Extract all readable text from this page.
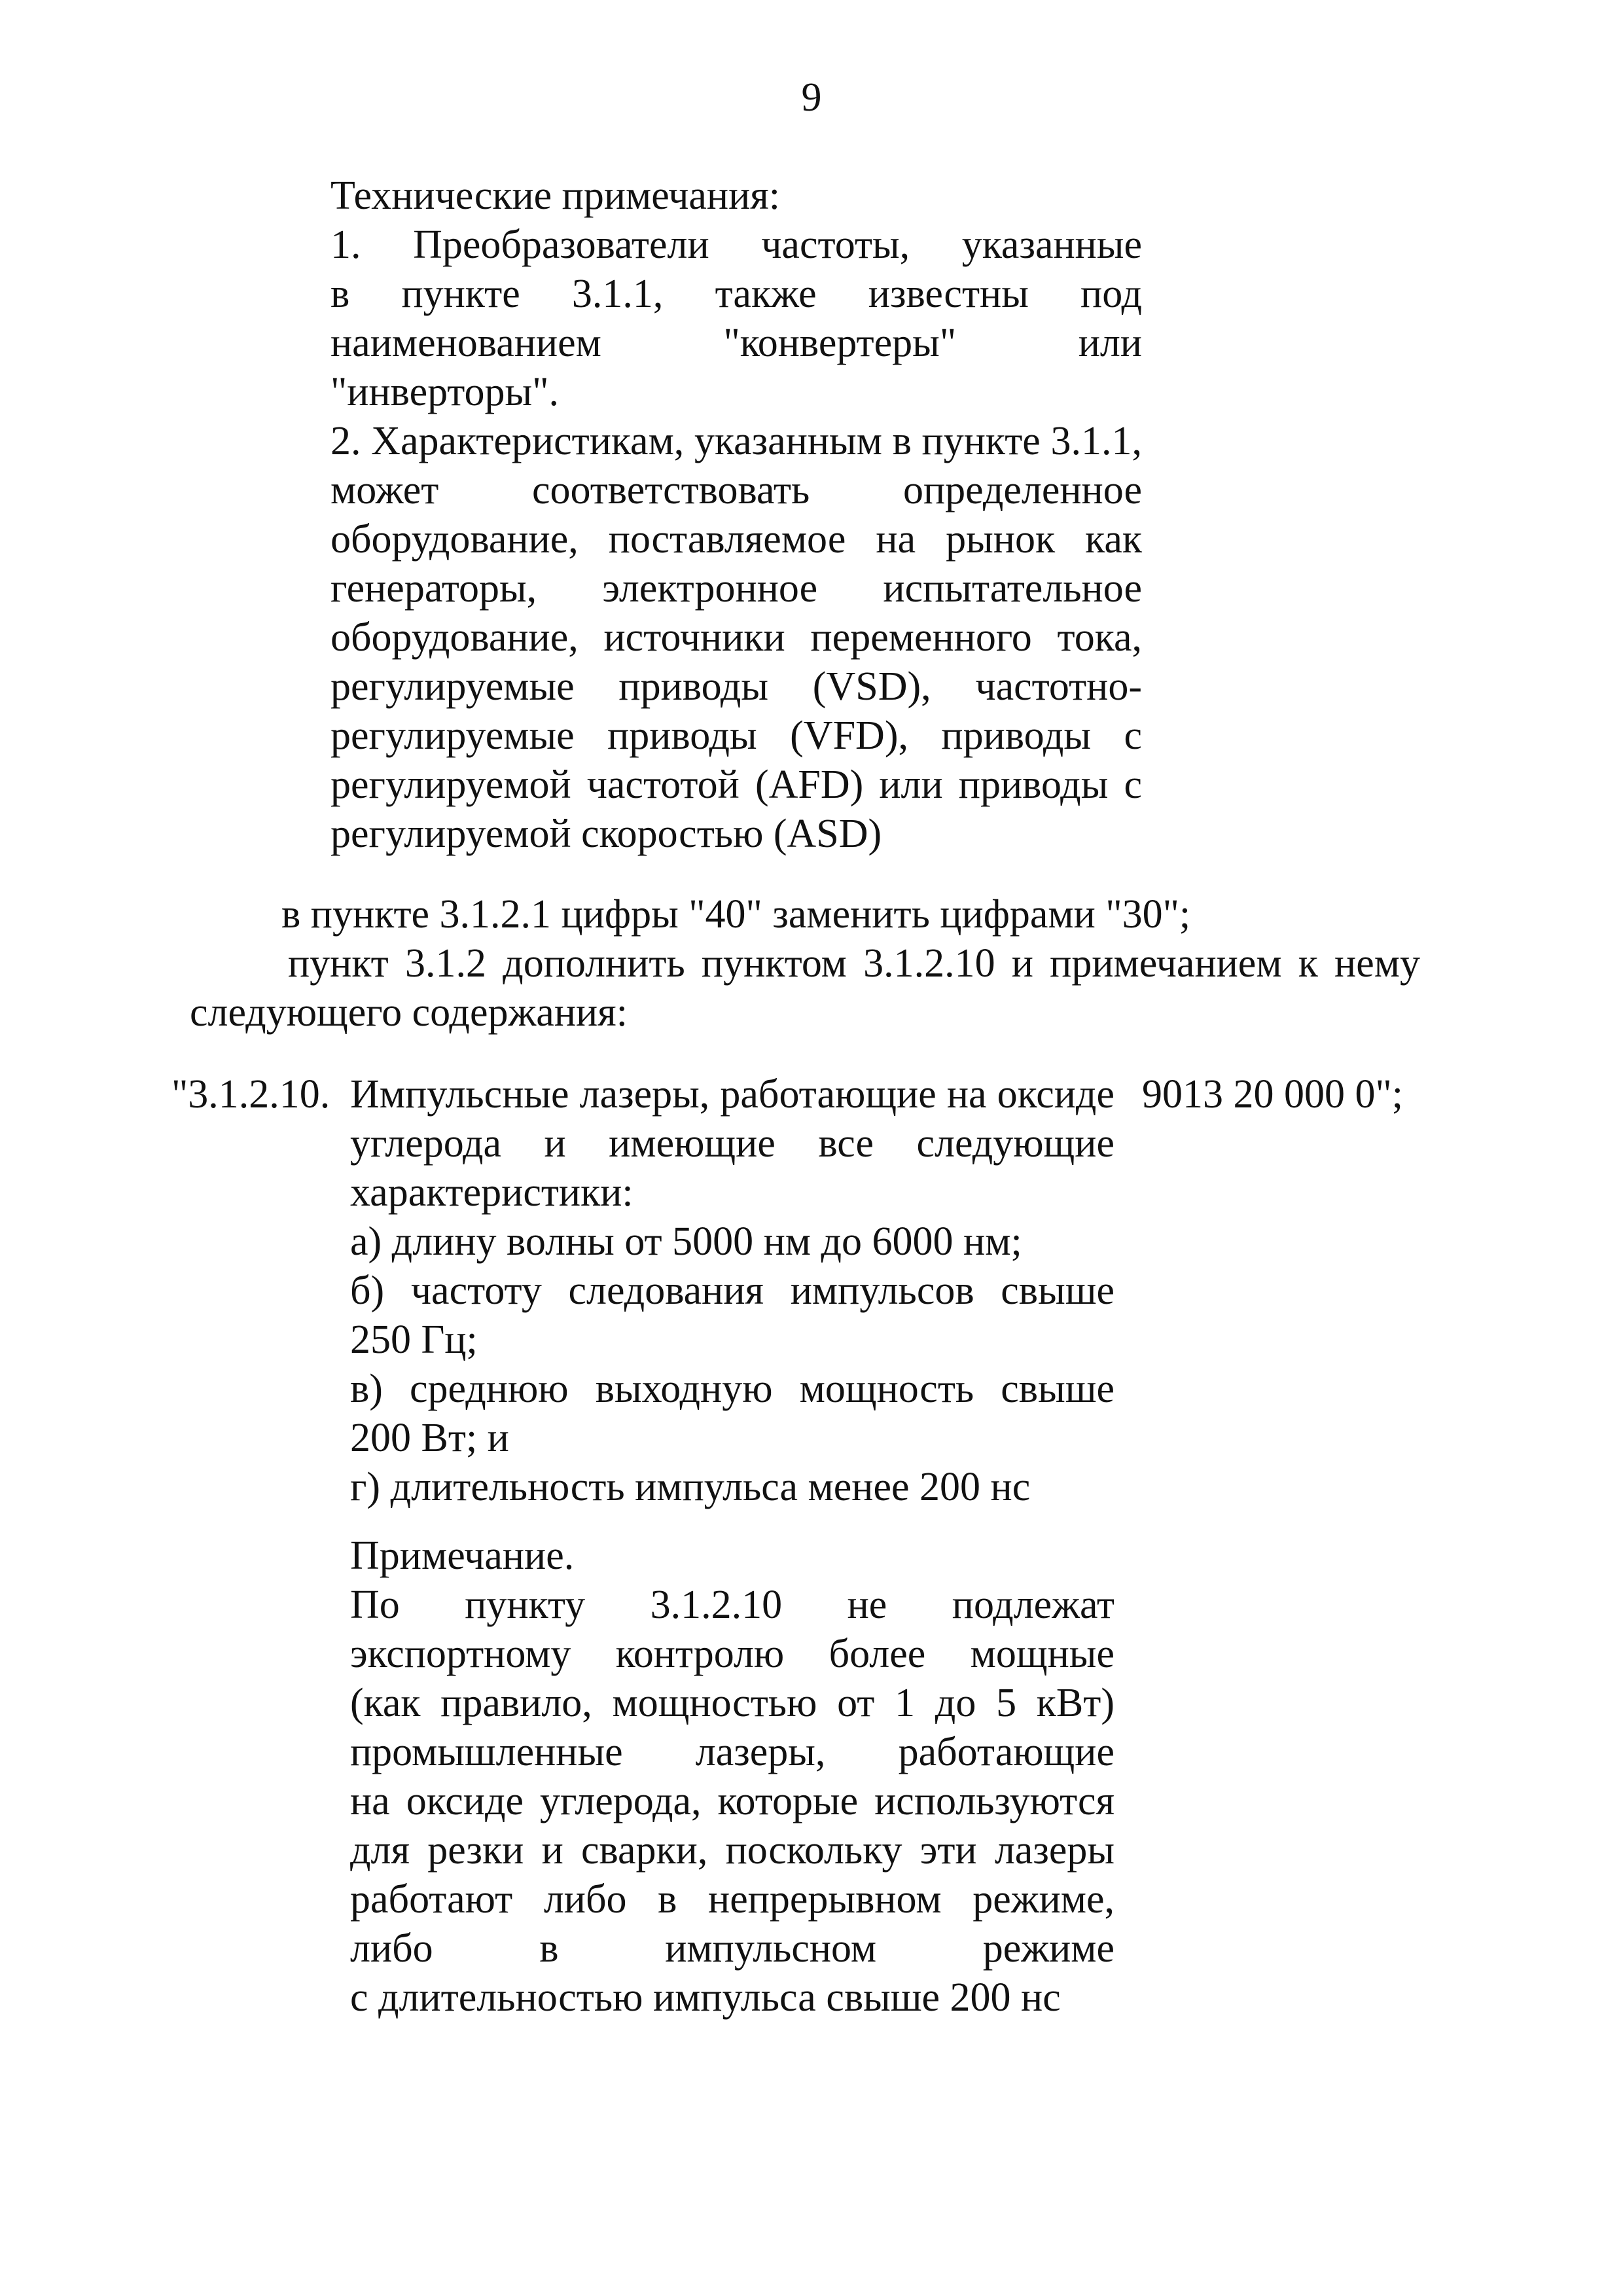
9
Технические примечания:
1. Преобразователи частоты, указанные
в пункте 3.1.1, также известны под
наименованием "конвертеры" или
"инверторы".
2. Характеристикам, указанным в пункте 3.1.1,
может соответствовать определенное
оборудование, поставляемое на рынок как
генераторы, электронное испытательное
оборудование, источники переменного тока,
регулируемые приводы (VSD), частотно-
регулируемые приводы (VFD), приводы с
регулируемой частотой (AFD) или приводы с
регулируемой скоростью (ASD)
в пункте 3.1.2.1 цифры "40" заменить цифрами "30";
пункт 3.1.2 дополнить пунктом 3.1.2.10 и примечанием к нему
следующего содержания:
"3.1.2.10. Импульсные лазеры, работающие на оксиде
углерода и имеющие все следующие
характеристики:
а) длину волны от 5000 нм до 6000 нм;
б) частоту следования импульсов свыше
250 Гц;
в) среднюю выходную мощность свыше
200 Вт; и
г) длительность импульса менее 200 нс
9013 20 000 0";
Примечание.
По пункту 3.1.2.10 не подлежат
экспортному контролю более мощные
(как правило, мощностью от 1 до 5 кВт)
промышленные лазеры, работающие
на оксиде углерода, которые используются
для резки и сварки, поскольку эти лазеры
работают либо в непрерывном режиме,
либо в импульсном режиме
с длительностью импульса свыше 200 нс
